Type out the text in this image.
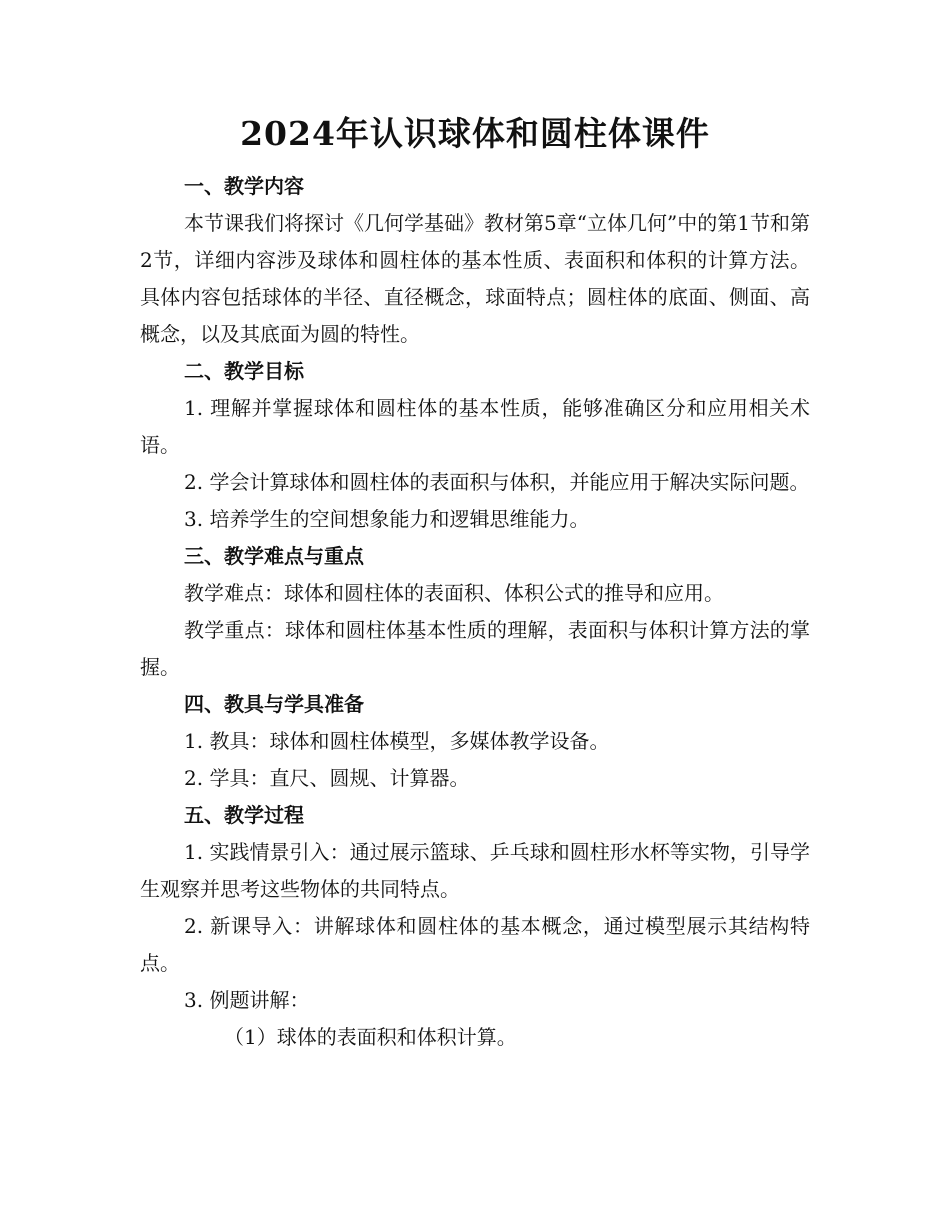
2024年认识球体和圆柱体课件

一、教学内容

本节课我们将探讨《几何学基础》教材第5章“立体几何”中的第1节和第2节，详细内容涉及球体和圆柱体的基本性质、表面积和体积的计算方法。具体内容包括球体的半径、直径概念，球面特点；圆柱体的底面、侧面、高概念，以及其底面为圆的特性。

二、教学目标

1. 理解并掌握球体和圆柱体的基本性质，能够准确区分和应用相关术语。

2. 学会计算球体和圆柱体的表面积与体积，并能应用于解决实际问题。

3. 培养学生的空间想象能力和逻辑思维能力。

三、教学难点与重点

教学难点：球体和圆柱体的表面积、体积公式的推导和应用。

教学重点：球体和圆柱体基本性质的理解，表面积与体积计算方法的掌握。

四、教具与学具准备

1. 教具：球体和圆柱体模型，多媒体教学设备。

2. 学具：直尺、圆规、计算器。

五、教学过程

1. 实践情景引入：通过展示篮球、乒乓球和圆柱形水杯等实物，引导学生观察并思考这些物体的共同特点。

2. 新课导入：讲解球体和圆柱体的基本概念，通过模型展示其结构特点。

3. 例题讲解：

（1）球体的表面积和体积计算。
